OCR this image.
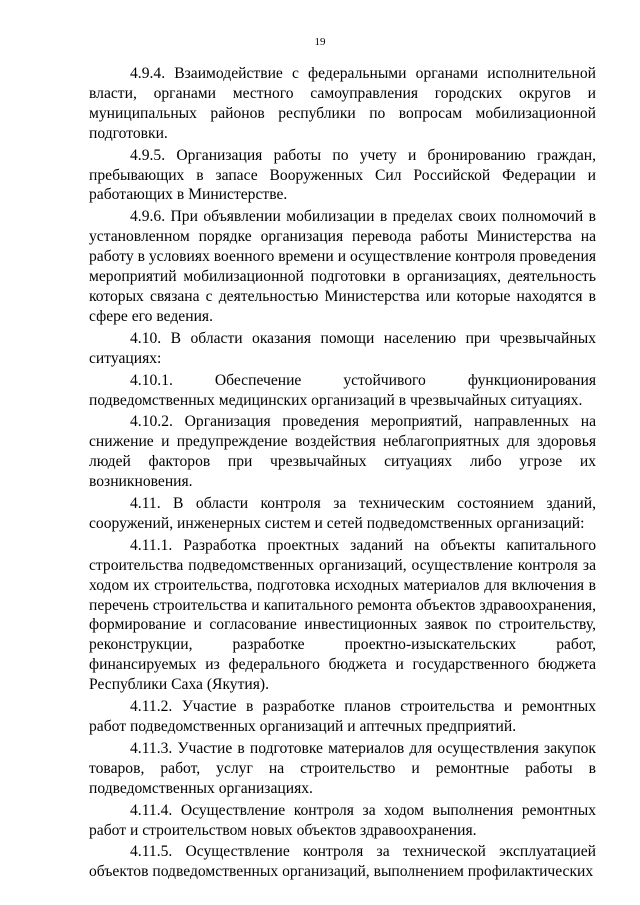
19

4.9.4. Взаимодействие с федеральными органами исполнительной власти, органами местного самоуправления городских округов и муниципальных районов республики по вопросам мобилизационной подготовки.

4.9.5. Организация работы по учету и бронированию граждан, пребывающих в запасе Вооруженных Сил Российской Федерации и работающих в Министерстве.

4.9.6. При объявлении мобилизации в пределах своих полномочий в установленном порядке организация перевода работы Министерства на работу в условиях военного времени и осуществление контроля проведения мероприятий мобилизационной подготовки в организациях, деятельность которых связана с деятельностью Министерства или которые находятся в сфере его ведения.

4.10. В области оказания помощи населению при чрезвычайных ситуациях:

4.10.1. Обеспечение устойчивого функционирования подведомственных медицинских организаций в чрезвычайных ситуациях.

4.10.2. Организация проведения мероприятий, направленных на снижение и предупреждение воздействия неблагоприятных для здоровья людей факторов при чрезвычайных ситуациях либо угрозе их возникновения.

4.11. В области контроля за техническим состоянием зданий, сооружений, инженерных систем и сетей подведомственных организаций:

4.11.1. Разработка проектных заданий на объекты капитального строительства подведомственных организаций, осуществление контроля за ходом их строительства, подготовка исходных материалов для включения в перечень строительства и капитального ремонта объектов здравоохранения, формирование и согласование инвестиционных заявок по строительству, реконструкции, разработке проектно-изыскательских работ, финансируемых из федерального бюджета и государственного бюджета Республики Саха (Якутия).

4.11.2. Участие в разработке планов строительства и ремонтных работ подведомственных организаций и аптечных предприятий.

4.11.3. Участие в подготовке материалов для осуществления закупок товаров, работ, услуг на строительство и ремонтные работы в подведомственных организациях.

4.11.4. Осуществление контроля за ходом выполнения ремонтных работ и строительством новых объектов здравоохранения.

4.11.5. Осуществление контроля за технической эксплуатацией объектов подведомственных организаций, выполнением профилактических
